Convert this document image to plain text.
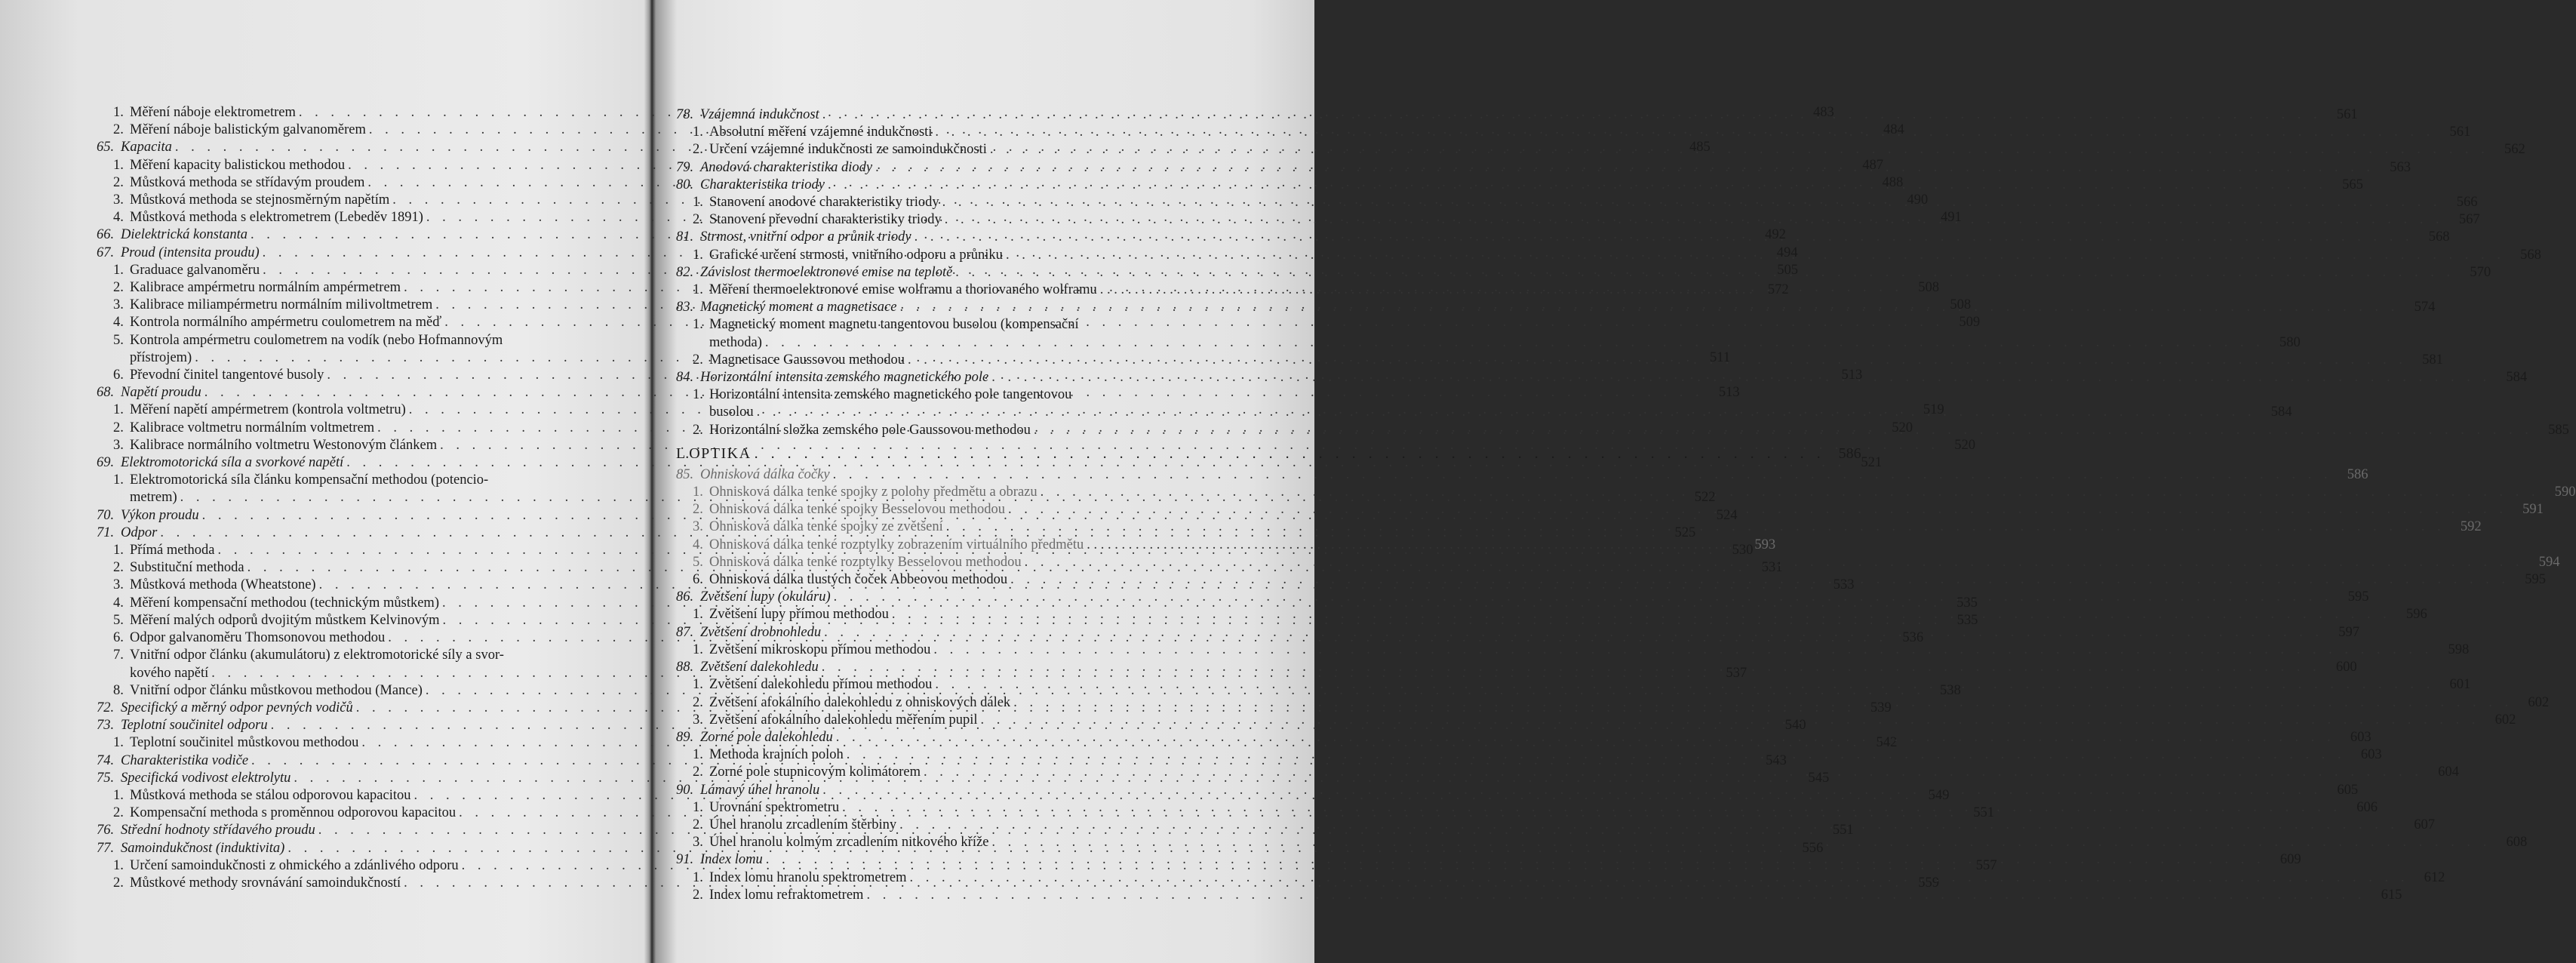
1. Měření náboje elektrometrem . . .	483
2. Měření náboje balistickým galvanoměrem . . .	484
65. Kapacita . . .	485
1. Měření kapacity balistickou methodou . . .	487
2. Můstková methoda se střídavým proudem . . .	488
3. Můstková methoda se stejnosměrným napětím . . .	490
4. Můstková methoda s elektrometrem (Lebeděv 1891) . . .	491
66. Dielektrická konstanta . . .	492
67. Proud (intensita proudu) . . .	494
1. Graduace galvanoměru . . .	505
2. Kalibrace ampérmetru normálním ampérmetrem . . .	508
3. Kalibrace miliampérmetru normálním milivoltmetrem . . .	508
4. Kontrola normálního ampérmetru coulometrem na měď . . .	509
5. Kontrola ampérmetru coulometrem na vodík (nebo Hofmannovým
přístrojem) . . .	511
6. Převodní činitel tangentové busoly . . .	513
68. Napětí proudu . . .	513
1. Měření napětí ampérmetrem (kontrola voltmetru) . . .	519
2. Kalibrace voltmetru normálním voltmetrem . . .	520
3. Kalibrace normálního voltmetru Westonovým článkem . . .	520
69. Elektromotorická síla a svorkové napětí . . .	521
1. Elektromotorická síla článku kompensační methodou (potencio-
metrem) . . .	522
70. Výkon proudu . . .	524
71. Odpor . . .	525
1. Přímá methoda . . .	530
2. Substituční methoda . . .	531
3. Můstková methoda (Wheatstone) . . .	533
4. Měření kompensační methodou (technickým můstkem) . . .	535
5. Měření malých odporů dvojitým můstkem Kelvinovým . . .	535
6. Odpor galvanoměru Thomsonovou methodou . . .	536
7. Vnitřní odpor článku (akumulátoru) z elektromotorické síly a svor-
kového napětí . . .	537
8. Vnitřní odpor článku můstkovou methodou (Mance) . . .	538
72. Specifický a měrný odpor pevných vodičů . . .	539
73. Teplotní součinitel odporu . . .	540
1. Teplotní součinitel můstkovou methodou . . .	542
74. Charakteristika vodiče . . .	543
75. Specifická vodivost elektrolytu . . .	545
1. Můstková methoda se stálou odporovou kapacitou . . .	549
2. Kompensační methoda s proměnnou odporovou kapacitou . . .	551
76. Střední hodnoty střídavého proudu . . .	551
77. Samoindukčnost (induktivita) . . .	556
1. Určení samoindukčnosti z ohmického a zdánlivého odporu . . .	557
2. Můstkové methody srovnávání samoindukčností . . .	559
78. Vzájemná indukčnost . . .	561
1. Absolutní měření vzájemné indukčnosti . . .	561
2. Určení vzájemné indukčnosti ze samoindukčnosti . . .	562
79. Anodová charakteristika diody . . .	563
80. Charakteristika triody . . .	565
1. Stanovení anodové charakteristiky triody . . .	566
2. Stanovení převodní charakteristiky triody . . .	567
81. Strmost, vnitřní odpor a průnik triody . . .	568
1. Grafické určení strmosti, vnitřního odporu a průniku . . .	568
82. Závislost thermoelektronové emise na teplotě . . .	570
1. Měření thermoelektronové emise wolframu a thoriovaného wolframu . . .	572
83. Magnetický moment a magnetisace . . .	574
1. Magnetický moment magnetu tangentovou busolou (kompensační
methoda) . . .	580
2. Magnetisace Gaussovou methodou . . .	581
84. Horizontální intensita zemského magnetického pole . . .	584
1. Horizontální intensita zemského magnetického pole tangentovou
busolou . . .	584
2. Horizontální složka zemského pole Gaussovou methodou . . .	585
L. OPTIKA . . .	586
85. Ohnisková dálka čočky . . .	586
1. Ohnisková dálka tenké spojky z polohy předmětu a obrazu . . .	590
2. Ohnisková dálka tenké spojky Besselovou methodou . . .	591
3. Ohnisková dálka tenké spojky ze zvětšení . . .	592
4. Ohnisková dálka tenké rozptylky zobrazením virtuálního předmětu . . .	593
5. Ohnisková dálka tenké rozptylky Besselovou methodou . . .	594
6. Ohnisková dálka tlustých čoček Abbeovou methodou . . .	595
86. Zvětšení lupy (okuláru) . . .	595
1. Zvětšení lupy přímou methodou . . .	596
87. Zvětšení drobnohledu . . .	597
1. Zvětšení mikroskopu přímou methodou . . .	598
88. Zvětšení dalekohledu . . .	600
1. Zvětšení dalekohledu přímou methodou . . .	601
2. Zvětšení afokálního dalekohledu z ohniskových dálek . . .	602
3. Zvětšení afokálního dalekohledu měřením pupil . . .	602
89. Zorné pole dalekohledu . . .	603
1. Methoda krajních poloh . . .	603
2. Zorné pole stupnicovým kolimátorem . . .	604
90. Lámavý úhel hranolu . . .	605
1. Urovnání spektrometru . . .	606
2. Úhel hranolu zrcadlením štěrbiny . . .	607
3. Úhel hranolu kolmým zrcadlením nitkového kříže . . .	608
91. Index lomu . . .	609
1. Index lomu hranolu spektrometrem . . .	612
2. Index lomu refraktometrem . . .	615
